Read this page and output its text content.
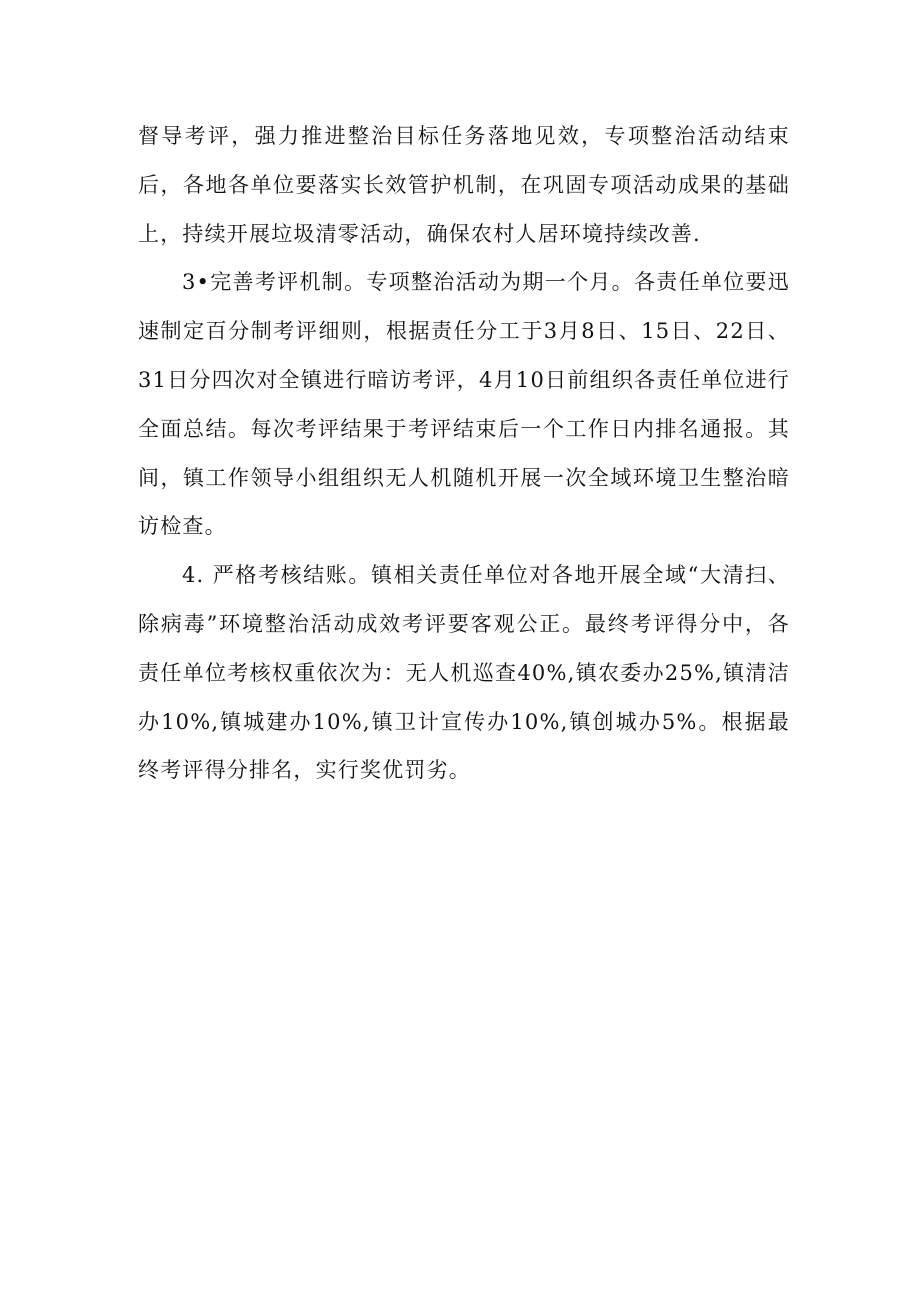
督导考评，强力推进整治目标任务落地见效，专项整治活动结束后，各地各单位要落实长效管护机制，在巩固专项活动成果的基础上，持续开展垃圾清零活动，确保农村人居环境持续改善.

3•完善考评机制。专项整治活动为期一个月。各责任单位要迅速制定百分制考评细则，根据责任分工于3月8日、15日、22日、31日分四次对全镇进行暗访考评，4月10日前组织各责任单位进行全面总结。每次考评结果于考评结束后一个工作日内排名通报。其间，镇工作领导小组组织无人机随机开展一次全域环境卫生整治暗访检查。

4. 严格考核结账。镇相关责任单位对各地开展全域“大清扫、除病毒”环境整治活动成效考评要客观公正。最终考评得分中，各责任单位考核权重依次为：无人机巡查40%,镇农委办25%,镇清洁办10%,镇城建办10%,镇卫计宣传办10%,镇创城办5%。根据最终考评得分排名，实行奖优罚劣。
